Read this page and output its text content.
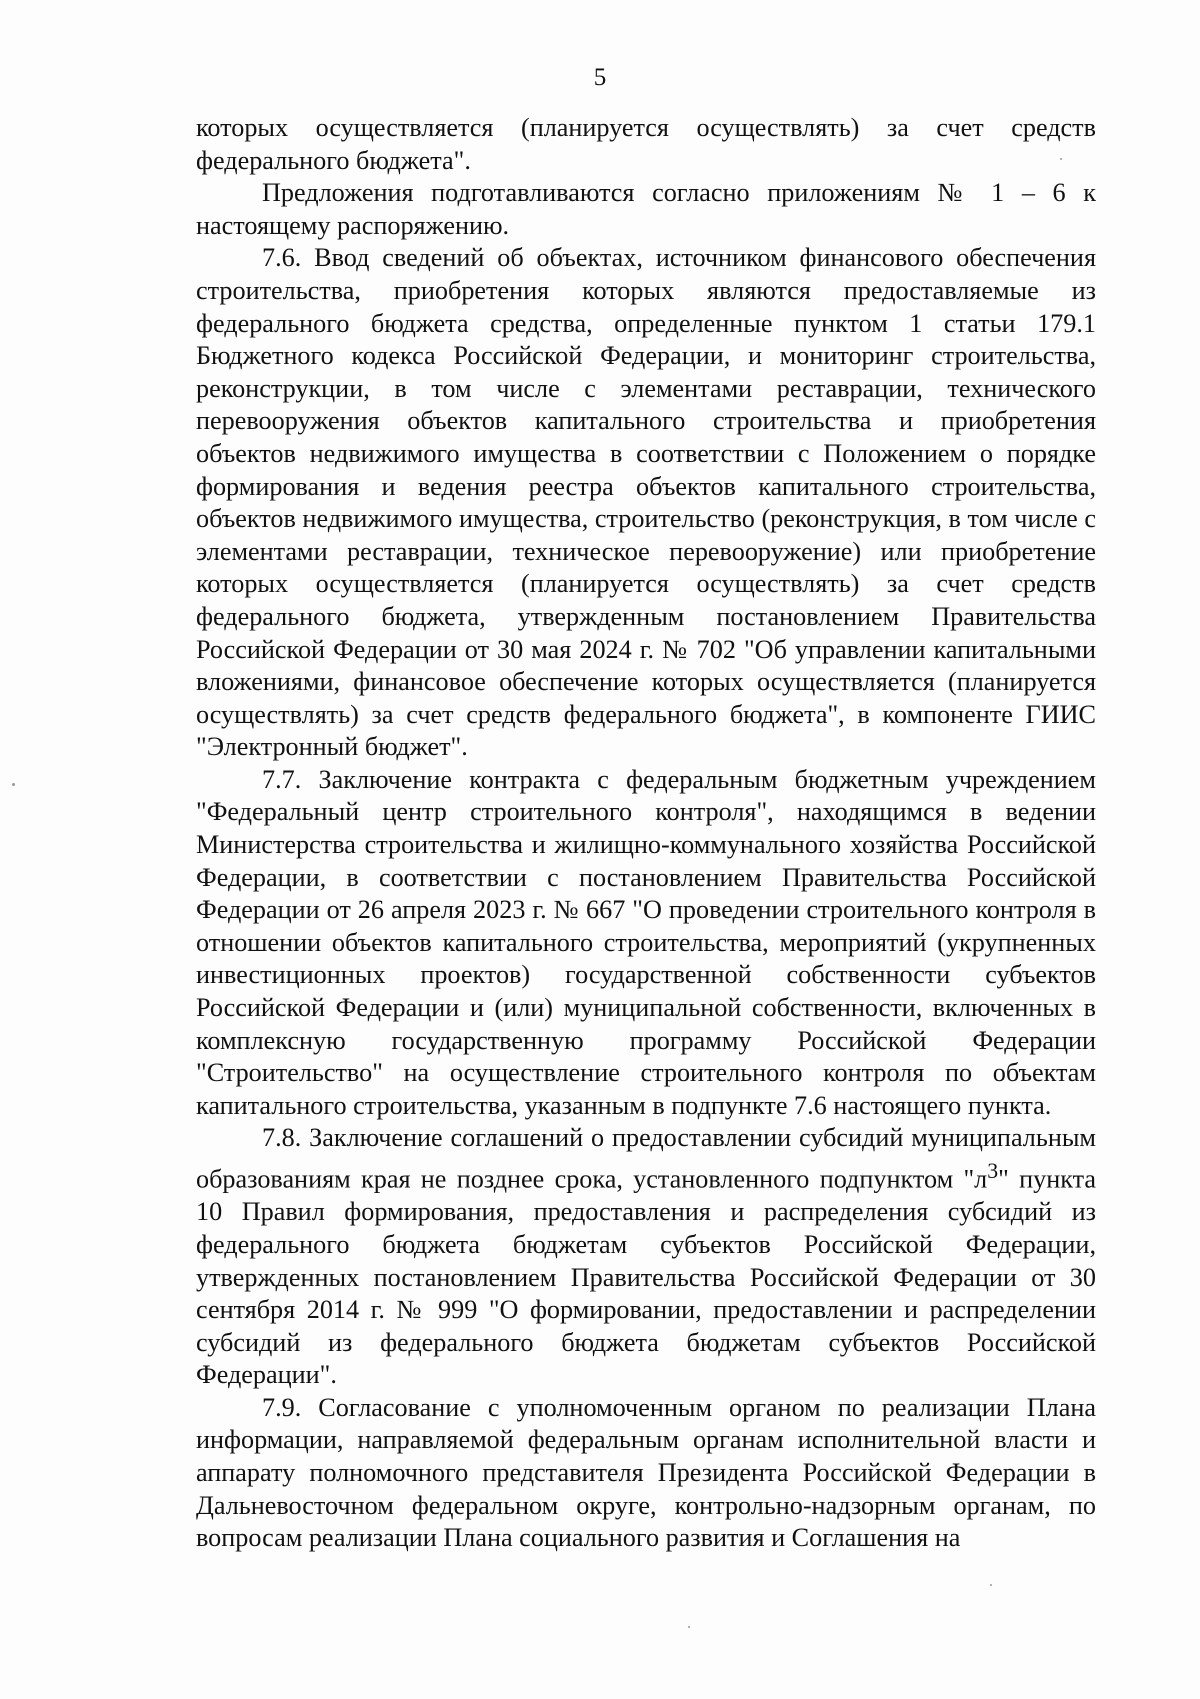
5

которых осуществляется (планируется осуществлять) за счет средств федерального бюджета".

Предложения подготавливаются согласно приложениям № 1 – 6 к настоящему распоряжению.

7.6. Ввод сведений об объектах, источником финансового обеспечения строительства, приобретения которых являются предоставляемые из федерального бюджета средства, определенные пунктом 1 статьи 179.1 Бюджетного кодекса Российской Федерации, и мониторинг строительства, реконструкции, в том числе с элементами реставрации, технического перевооружения объектов капитального строительства и приобретения объектов недвижимого имущества в соответствии с Положением о порядке формирования и ведения реестра объектов капитального строительства, объектов недвижимого имущества, строительство (реконструкция, в том числе с элементами реставрации, техническое перевооружение) или приобретение которых осуществляется (планируется осуществлять) за счет средств федерального бюджета, утвержденным постановлением Правительства Российской Федерации от 30 мая 2024 г. № 702 "Об управлении капитальными вложениями, финансовое обеспечение которых осуществляется (планируется осуществлять) за счет средств федерального бюджета", в компоненте ГИИС "Электронный бюджет".

7.7. Заключение контракта с федеральным бюджетным учреждением "Федеральный центр строительного контроля", находящимся в ведении Министерства строительства и жилищно-коммунального хозяйства Российской Федерации, в соответствии с постановлением Правительства Российской Федерации от 26 апреля 2023 г. № 667 "О проведении строительного контроля в отношении объектов капитального строительства, мероприятий (укрупненных инвестиционных проектов) государственной собственности субъектов Российской Федерации и (или) муниципальной собственности, включенных в комплексную государственную программу Российской Федерации "Строительство" на осуществление строительного контроля по объектам капитального строительства, указанным в подпункте 7.6 настоящего пункта.

7.8. Заключение соглашений о предоставлении субсидий муниципальным образованиям края не позднее срока, установленного подпунктом "$л^3$" пункта 10 Правил формирования, предоставления и распределения субсидий из федерального бюджета бюджетам субъектов Российской Федерации, утвержденных постановлением Правительства Российской Федерации от 30 сентября 2014 г. № 999 "О формировании, предоставлении и распределении субсидий из федерального бюджета бюджетам субъектов Российской Федерации".

7.9. Согласование с уполномоченным органом по реализации Плана информации, направляемой федеральным органам исполнительной власти и аппарату полномочного представителя Президента Российской Федерации в Дальневосточном федеральном округе, контрольно-надзорным органам, по вопросам реализации Плана социального развития и Соглашения на
